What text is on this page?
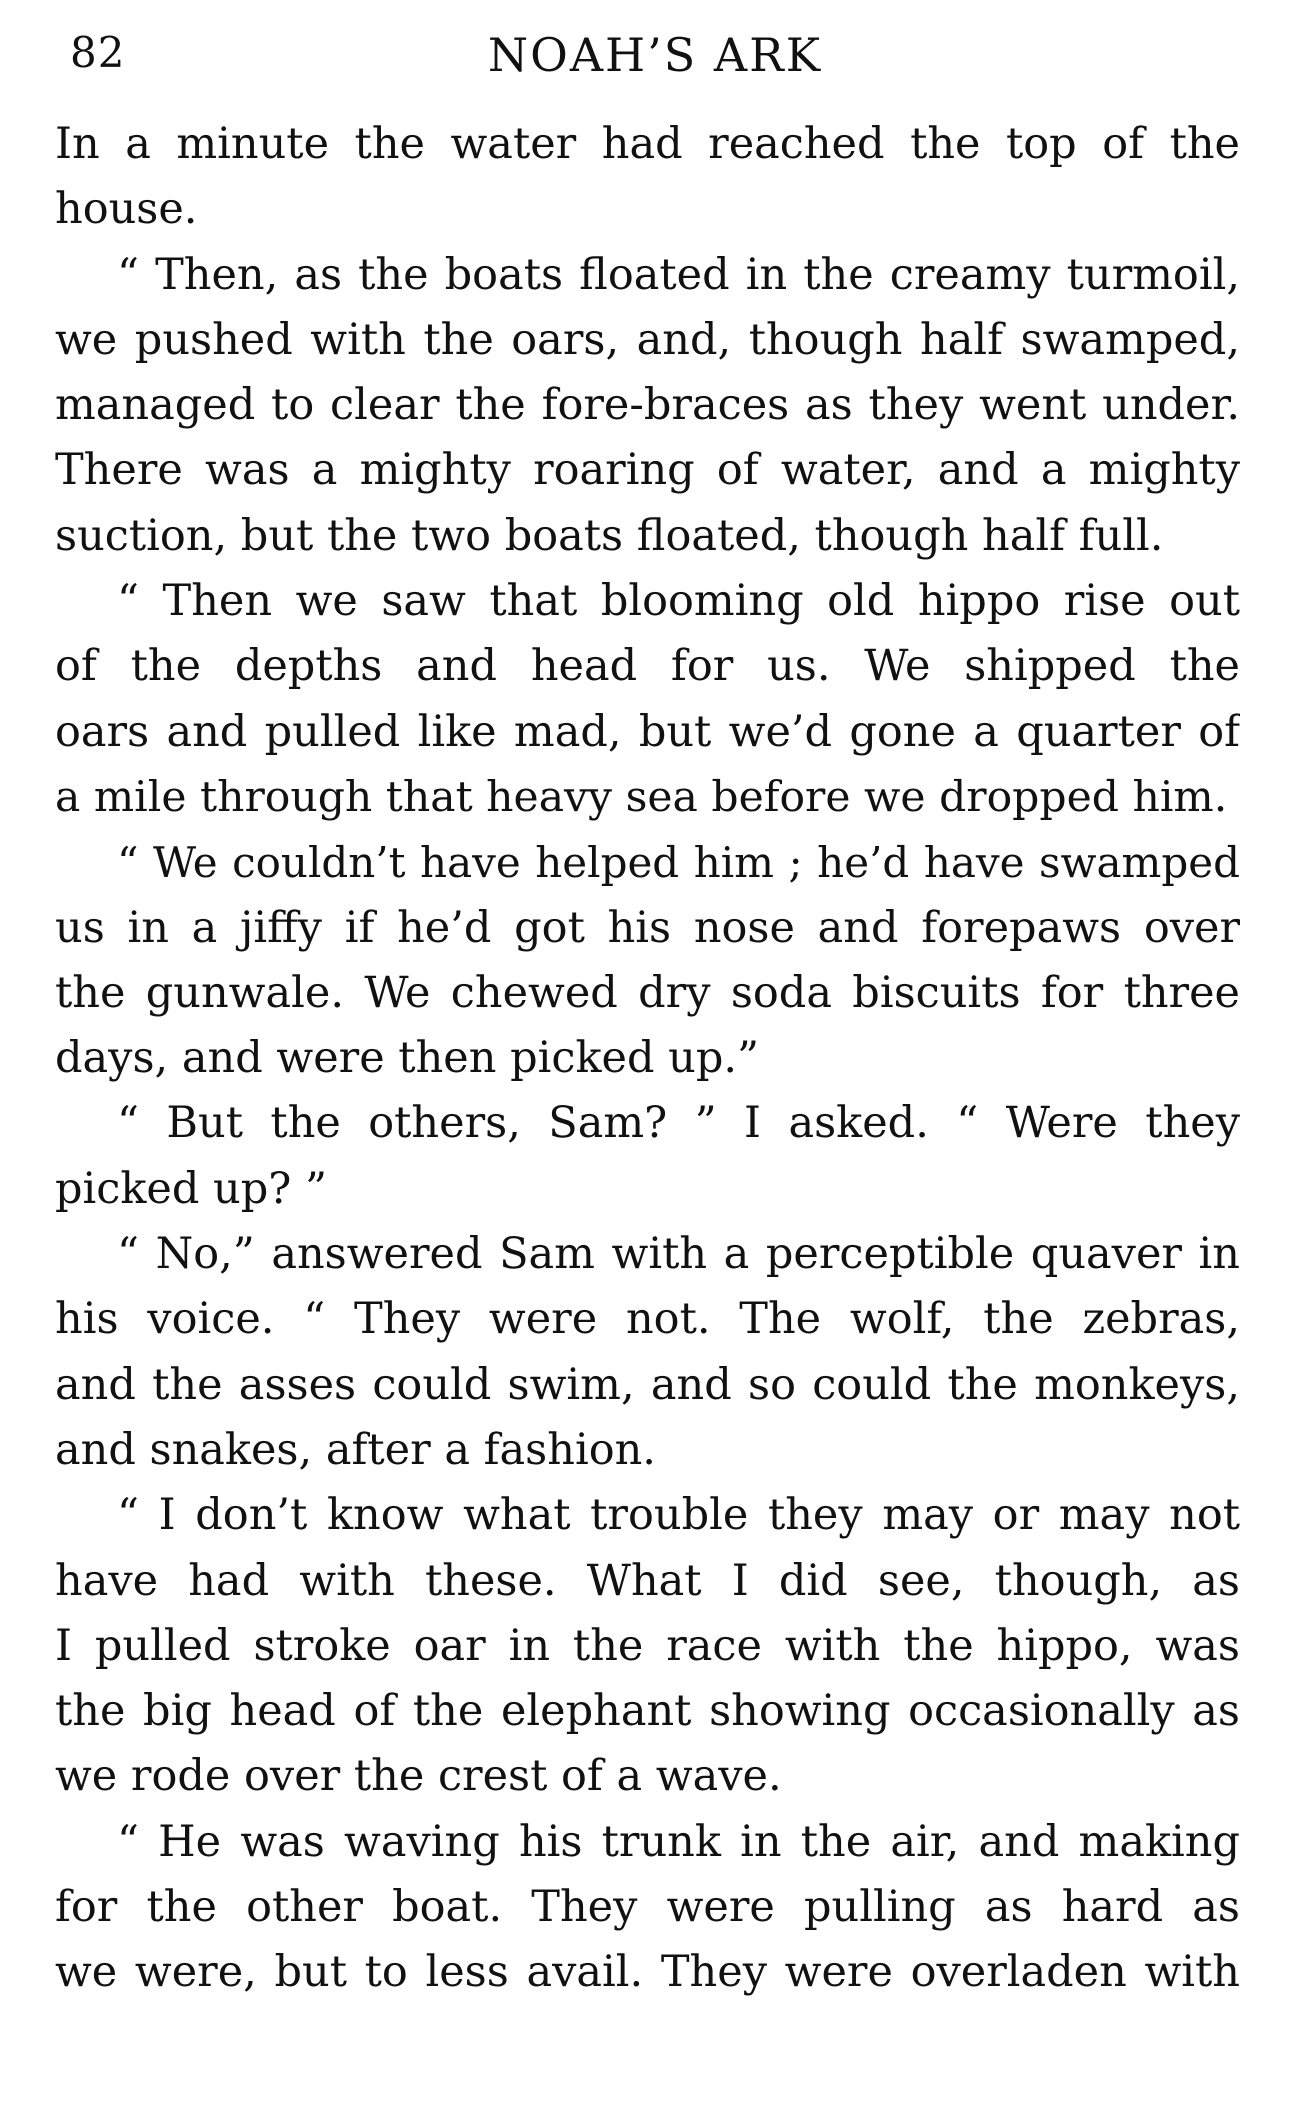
82	NOAH’S ARK
In a minute the water had reached the top of the
house.
“ Then, as the boats floated in the creamy turmoil,
we pushed with the oars, and, though half swamped,
managed to clear the fore-braces as they went under.
There was a mighty roaring of water, and a mighty
suction, but the two boats floated, though half full.
“ Then we saw that blooming old hippo rise out
of the depths and head for us. We shipped the
oars and pulled like mad, but we’d gone a quarter of
a mile through that heavy sea before we dropped him.
“ We couldn’t have helped him ; he’d have swamped
us in a jiffy if he’d got his nose and forepaws over
the gunwale. We chewed dry soda biscuits for three
days, and were then picked up.”
“ But the others, Sam? ” I asked. “ Were they
picked up? ”
“ No,” answered Sam with a perceptible quaver in
his voice. “ They were not. The wolf, the zebras,
and the asses could swim, and so could the monkeys,
and snakes, after a fashion.
“ I don’t know what trouble they may or may not
have had with these. What I did see, though, as
I pulled stroke oar in the race with the hippo, was
the big head of the elephant showing occasionally as
we rode over the crest of a wave.
“ He was waving his trunk in the air, and making
for the other boat. They were pulling as hard as
we were, but to less avail. They were overladen with
